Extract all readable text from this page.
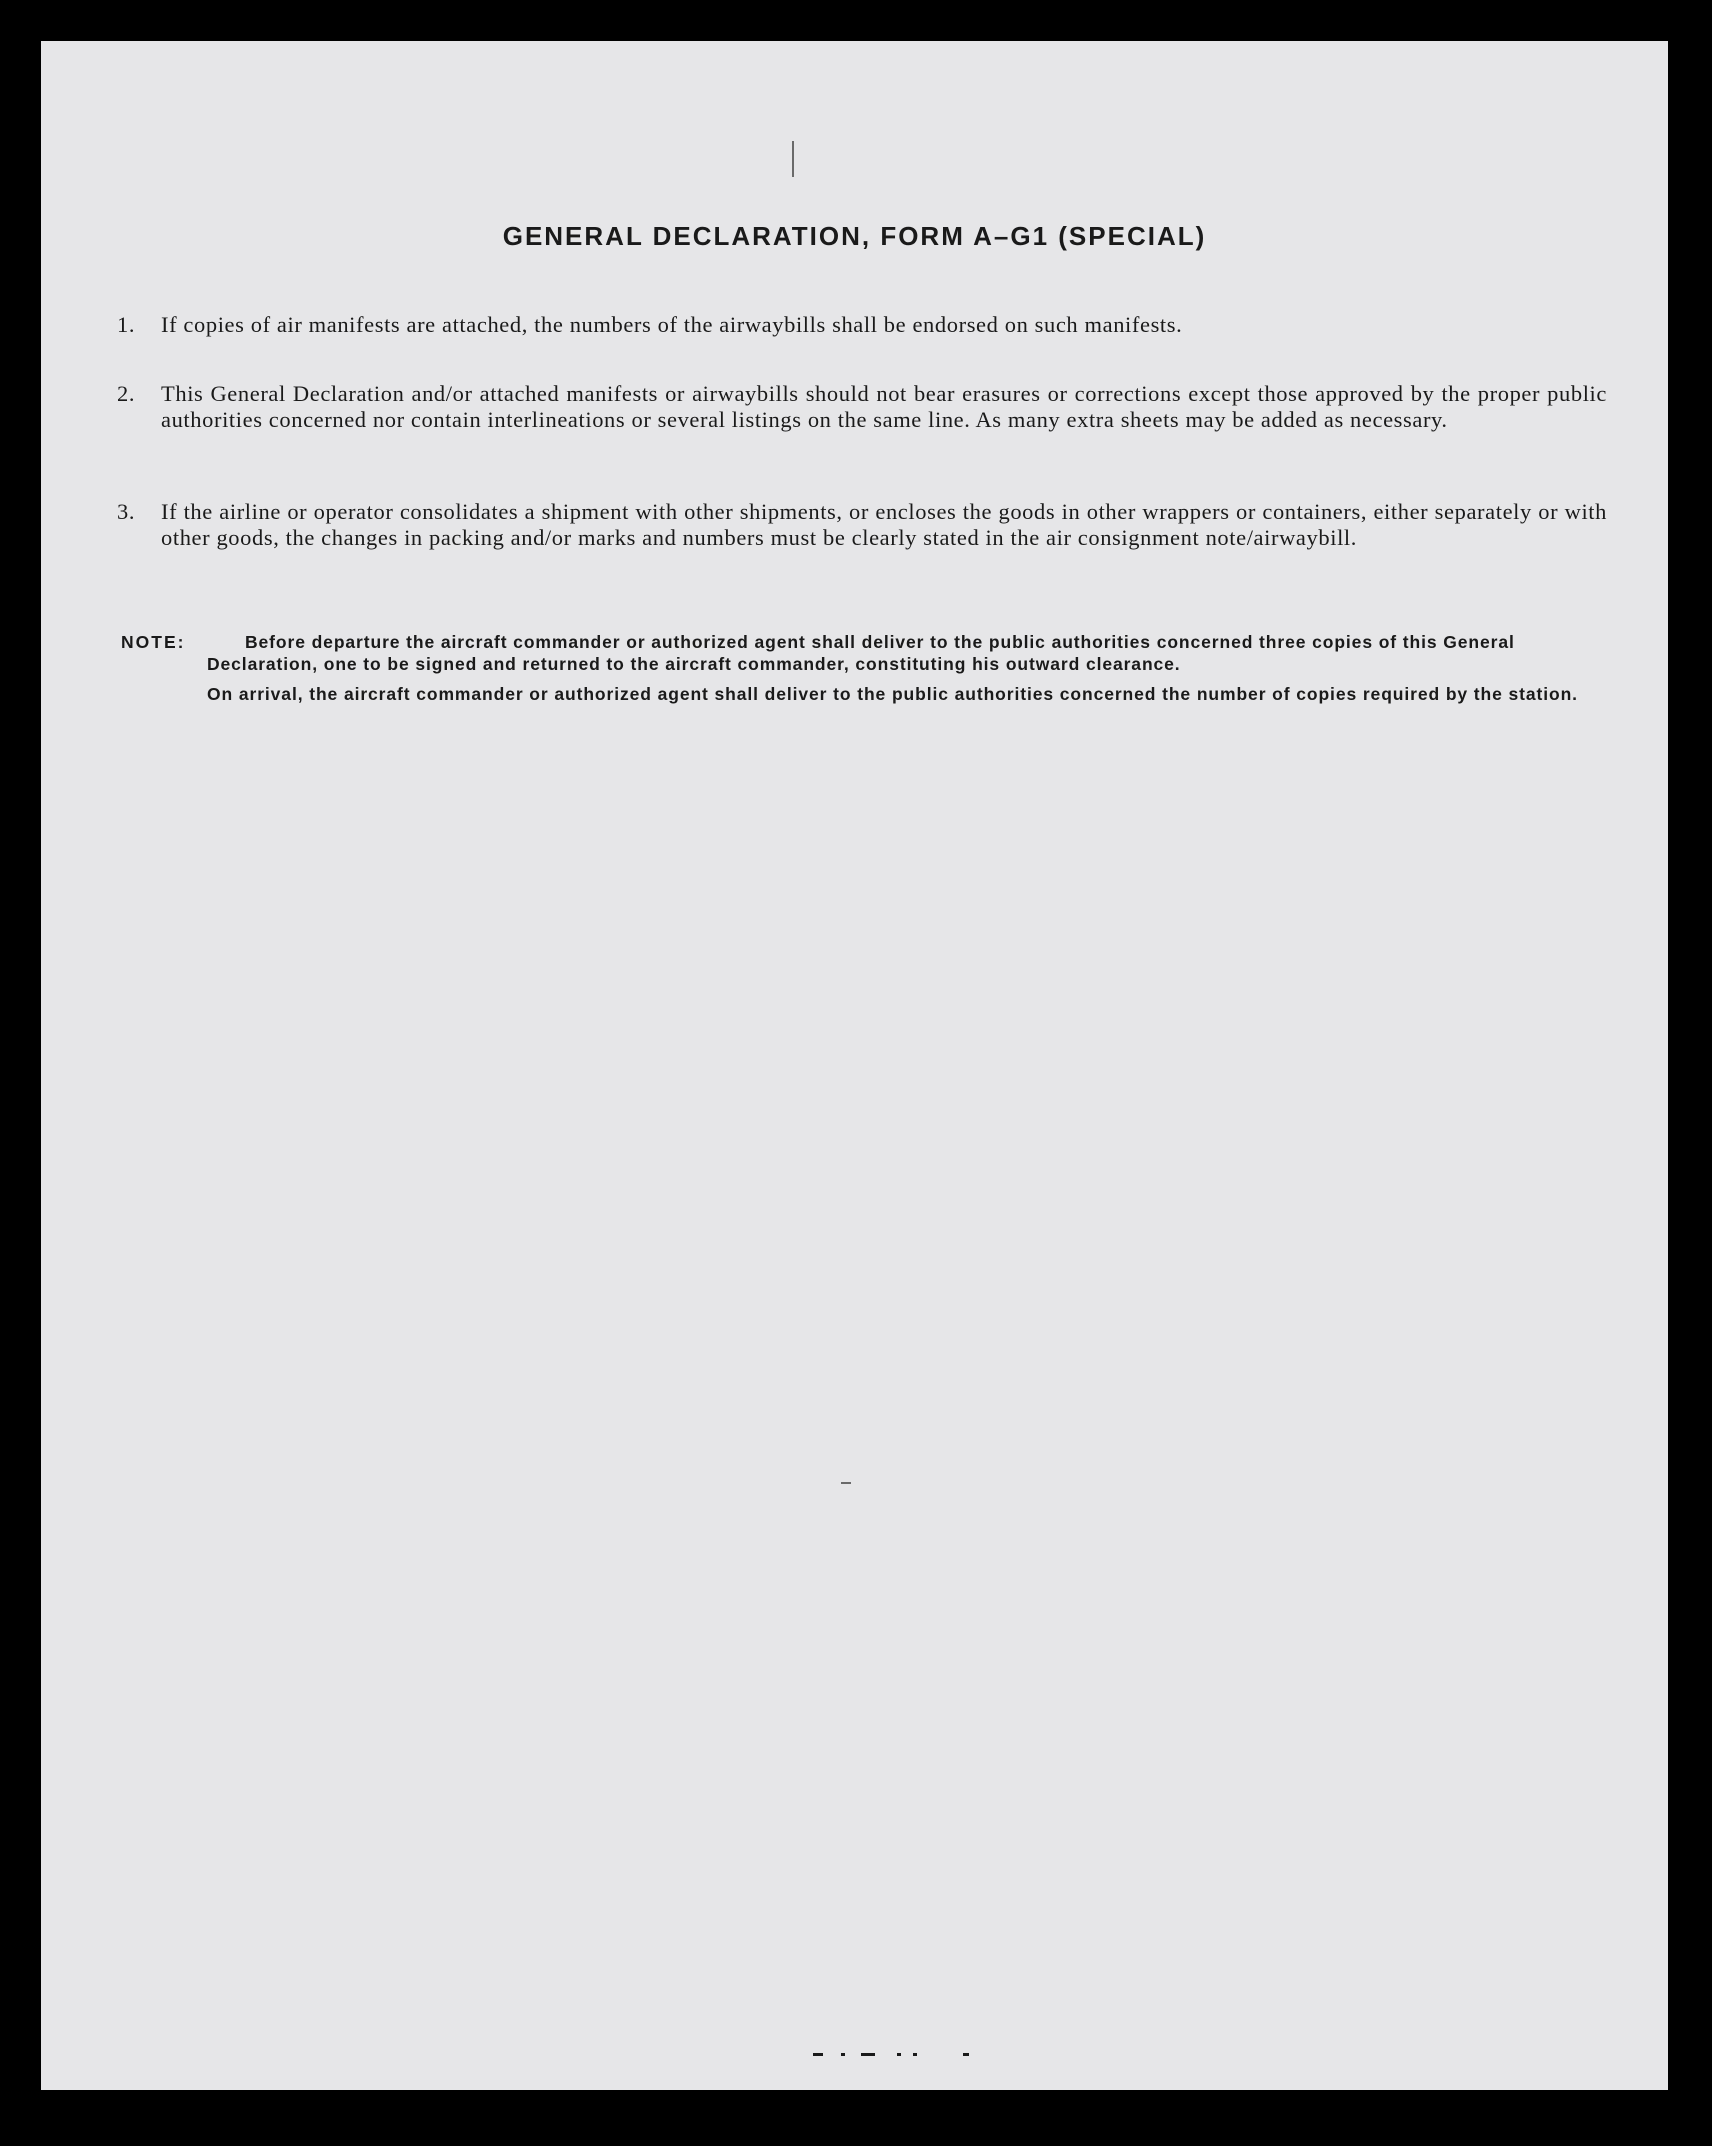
GENERAL DECLARATION, FORM A–G1 (SPECIAL)
1.	If copies of air manifests are attached, the numbers of the airwaybills shall be endorsed on such manifests.
2.	This General Declaration and/or attached manifests or airwaybills should not bear erasures or corrections except those approved by the proper public authorities concerned nor contain interlineations or several listings on the same line. As many extra sheets may be added as necessary.
3.	If the airline or operator consolidates a shipment with other shipments, or encloses the goods in other wrappers or containers, either separately or with other goods, the changes in packing and/or marks and numbers must be clearly stated in the air consignment note/airwaybill.
NOTE:	Before departure the aircraft commander or authorized agent shall deliver to the public authorities concerned three copies of this General Declaration, one to be signed and returned to the aircraft commander, constituting his outward clearance.

On arrival, the aircraft commander or authorized agent shall deliver to the public authorities concerned the number of copies required by the station.
